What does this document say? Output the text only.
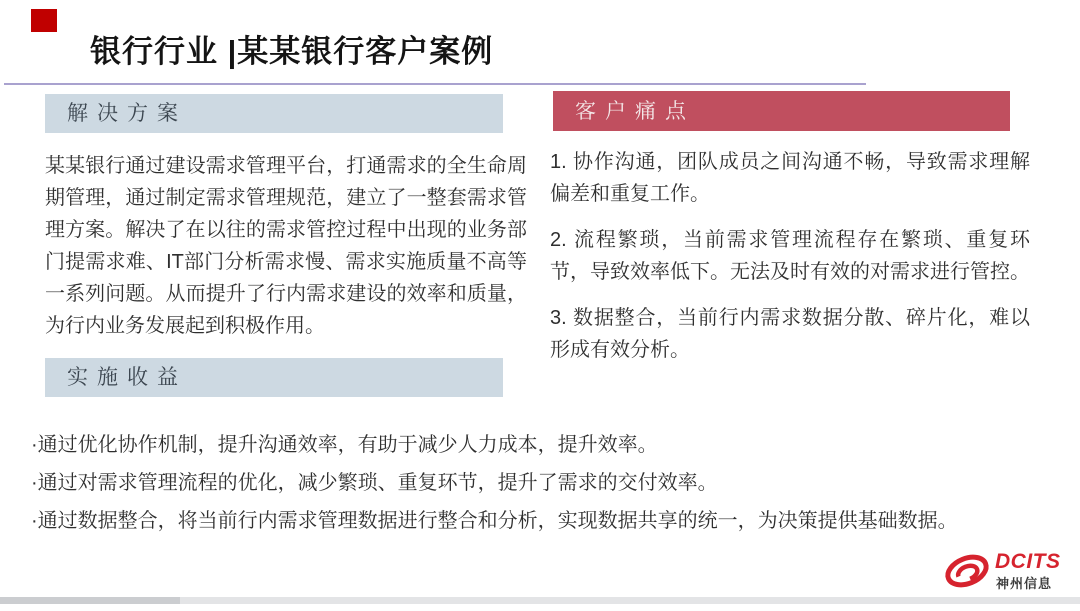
银行行业 |某某银行客户案例
解决方案
某某银行通过建设需求管理平台，打通需求的全生命周期管理，通过制定需求管理规范，建立了一整套需求管理方案。解决了在以往的需求管控过程中出现的业务部门提需求难、IT部门分析需求慢、需求实施质量不高等一系列问题。从而提升了行内需求建设的效率和质量，为行内业务发展起到积极作用。
客户痛点
1. 协作沟通，团队成员之间沟通不畅，导致需求理解偏差和重复工作。
2. 流程繁琐，当前需求管理流程存在繁琐、重复环节，导致效率低下。无法及时有效的对需求进行管控。
3. 数据整合，当前行内需求数据分散、碎片化，难以形成有效分析。
实施收益
·通过优化协作机制，提升沟通效率，有助于减少人力成本，提升效率。
·通过对需求管理流程的优化，减少繁琐、重复环节，提升了需求的交付效率。
·通过数据整合，将当前行内需求管理数据进行整合和分析，实现数据共享的统一，为决策提供基础数据。
DCITS
神州信息
